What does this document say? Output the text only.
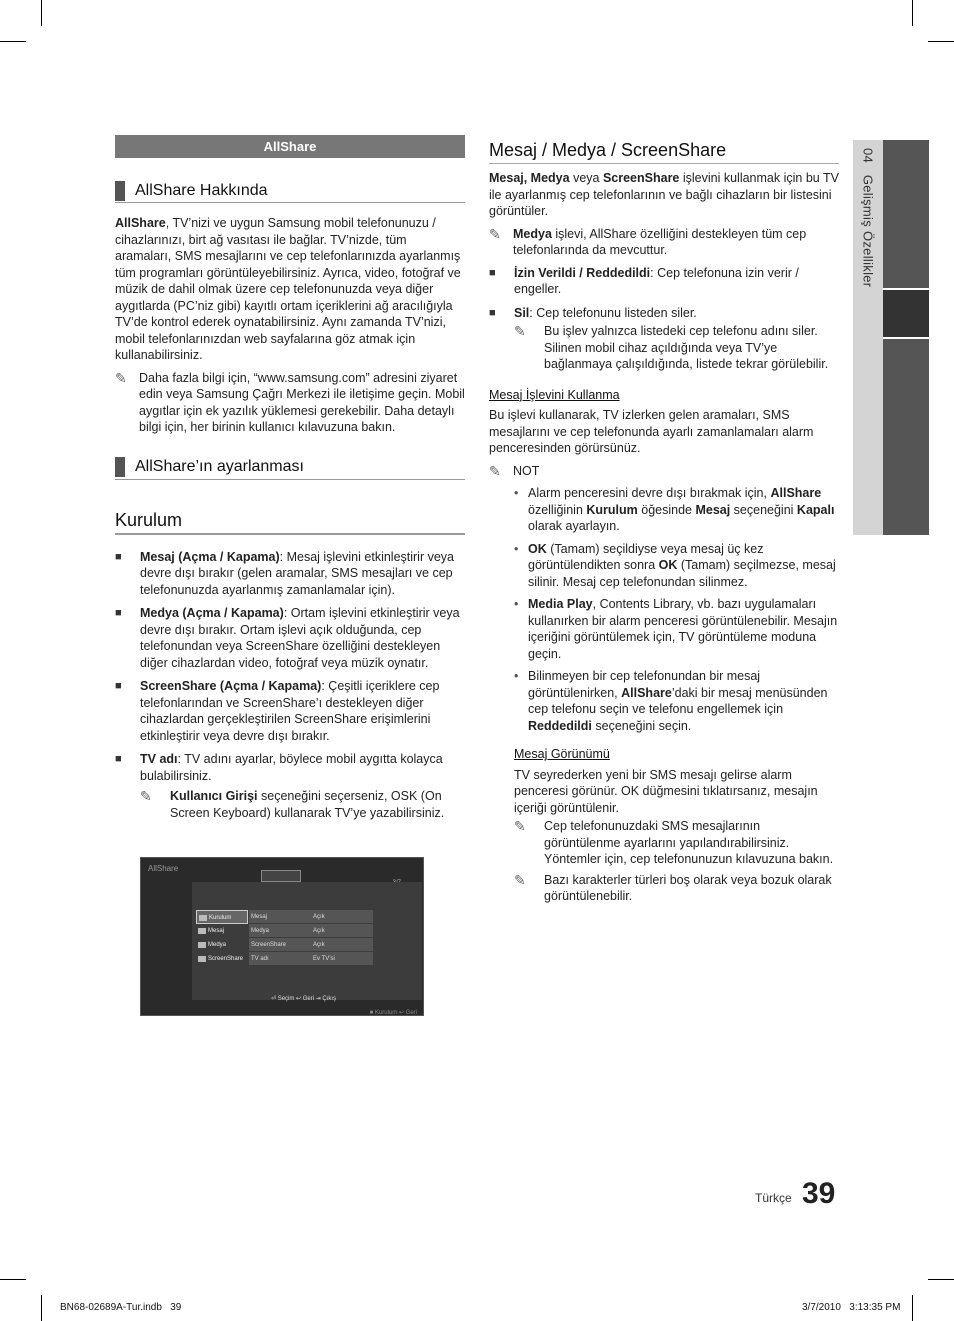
04   Gelişmiş Özellikler
AllShare
AllShare Hakkında
AllShare, TV’nizi ve uygun Samsung mobil telefonunuzu / cihazlarınızı, birt ağ vasıtası ile bağlar. TV’nizde, tüm aramaları, SMS mesajlarını ve cep telefonlarınızda ayarlanmış tüm programları görüntüleyebilirsiniz. Ayrıca, video, fotoğraf ve müzik de dahil olmak üzere cep telefonunuzda veya diğer aygıtlarda (PC’niz gibi) kayıtlı ortam içeriklerini ağ aracılığıyla TV’de kontrol ederek oynatabilirsiniz. Aynı zamanda TV’nizi, mobil telefonlarınızdan web sayfalarına göz atmak için kullanabilirsiniz.
✎ Daha fazla bilgi için, “www.samsung.com” adresini ziyaret edin veya Samsung Çağrı Merkezi ile iletişime geçin. Mobil aygıtlar için ek yazılık yüklemesi gerekebilir. Daha detaylı bilgi için, her birinin kullanıcı kılavuzuna bakın.
AllShare’ın ayarlanması
Kurulum
■	Mesaj (Açma / Kapama): Mesaj işlevini etkinleştirir veya devre dışı bırakır (gelen aramalar, SMS mesajları ve cep telefonunuzda ayarlanmış zamanlamalar için).
■	Medya (Açma / Kapama): Ortam işlevini etkinleştirir veya devre dışı bırakır. Ortam işlevi açık olduğunda, cep telefonundan veya ScreenShare özelliğini destekleyen diğer cihazlardan video, fotoğraf veya müzik oynatır.
■	ScreenShare (Açma / Kapama): Çeşitli içeriklere cep telefonlarından ve ScreenShare’ı destekleyen diğer cihazlardan gerçekleştirilen ScreenShare erişimlerini etkinleştirir veya devre dışı bırakır.
■	TV adı: TV adını ayarlar, böylece mobil aygıtta kolayca bulabilirsiniz.
✎	Kullanıcı Girişi seçeneğini seçerseniz, OSK (On Screen Keyboard) kullanarak TV’ye yazabilirsiniz.
AllShare
Kurulum
Mesaj
Medya
ScreenShare
Mesaj	Açık
Medya	Açık
ScreenShare	Açık
TV adı	Ev TV’si
⏎ Seçim ↩ Geri ⇥ Çıkış
■ Kurulum ↩ Geri
Mesaj / Medya / ScreenShare
Mesaj, Medya veya ScreenShare işlevini kullanmak için bu TV ile ayarlanmış cep telefonlarının ve bağlı cihazların bir listesini görüntüler.
✎ Medya işlevi, AllShare özelliğini destekleyen tüm cep telefonlarında da mevcuttur.
■	İzin Verildi / Reddedildi: Cep telefonuna izin verir / engeller.
■	Sil: Cep telefonunu listeden siler.
✎	Bu işlev yalnızca listedeki cep telefonu adını siler. Silinen mobil cihaz açıldığında veya TV’ye bağlanmaya çalışıldığında, listede tekrar görülebilir.
Mesaj İşlevini Kullanma
Bu işlevi kullanarak, TV izlerken gelen aramaları, SMS mesajlarını ve cep telefonunda ayarlı zamanlamaları alarm penceresinden görürsünüz.
✎ NOT
• Alarm penceresini devre dışı bırakmak için, AllShare özelliğinin Kurulum öğesinde Mesaj seçeneğini Kapalı olarak ayarlayın.
• OK (Tamam) seçildiyse veya mesaj üç kez görüntülendikten sonra OK (Tamam) seçilmezse, mesaj silinir. Mesaj cep telefonundan silinmez.
• Media Play, Contents Library, vb. bazı uygulamaları kullanırken bir alarm penceresi görüntülenebilir. Mesajın içeriğini görüntülemek için, TV görüntüleme moduna geçin.
• Bilinmeyen bir cep telefonundan bir mesaj görüntülenirken, AllShare’daki bir mesaj menüsünden cep telefonu seçin ve telefonu engellemek için Reddedildi seçeneğini seçin.
Mesaj Görünümü
TV seyrederken yeni bir SMS mesajı gelirse alarm penceresi görünür. OK düğmesini tıklatırsanız, mesajın içeriği görüntülenir.
✎	Cep telefonunuzdaki SMS mesajlarının görüntülenme ayarlarını yapılandırabilirsiniz. Yöntemler için, cep telefonunuzun kılavuzuna bakın.
✎	Bazı karakterler türleri boş olarak veya bozuk olarak görüntülenebilir.
Türkçe 39
BN68-02689A-Tur.indb   39	3/7/2010   3:13:35 PM
